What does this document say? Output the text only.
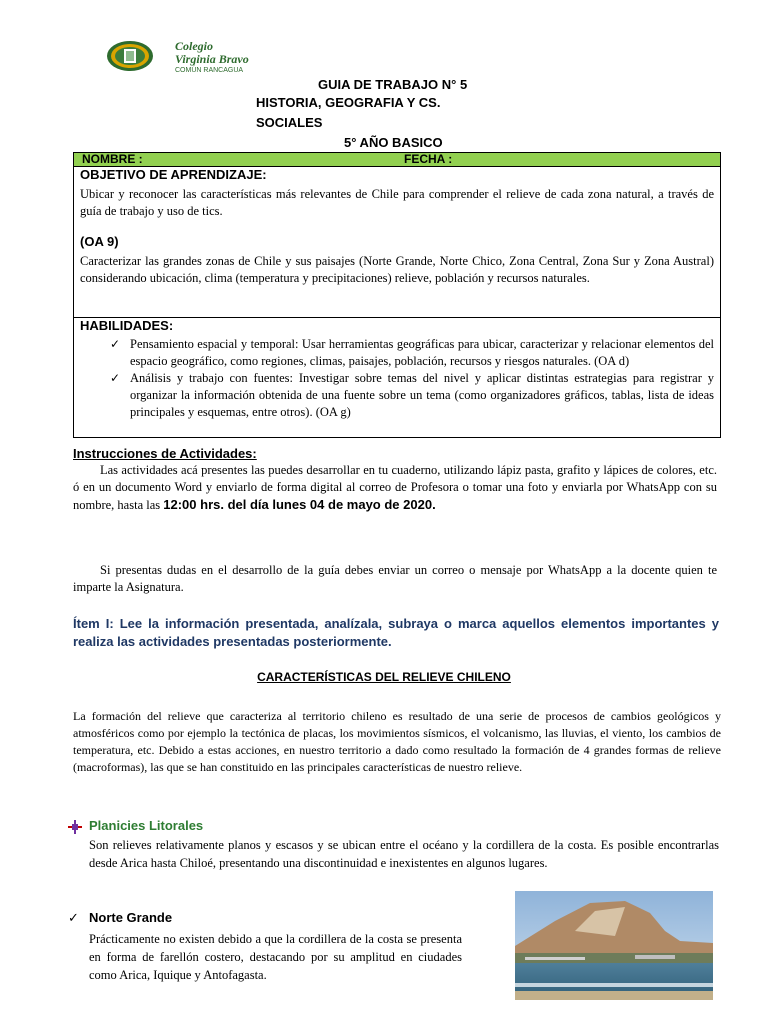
Colegio
Virginia Bravo
COMÚN RANCAGUA
GUIA DE TRABAJO N° 5
HISTORIA, GEOGRAFIA Y CS.
SOCIALES
5° AÑO BASICO
NOMBRE :	FECHA :

OBJETIVO DE APRENDIZAJE:
Ubicar y reconocer las características más relevantes de Chile para comprender el relieve de cada zona natural, a través de guía de trabajo y uso de tics.
(OA 9)
Caracterizar las grandes zonas de Chile y sus paisajes (Norte Grande, Norte Chico, Zona Central, Zona Sur y Zona Austral) considerando ubicación, clima (temperatura y precipitaciones) relieve, población y recursos naturales.

HABILIDADES:
✓ Pensamiento espacial y temporal: Usar herramientas geográficas para ubicar, caracterizar y relacionar elementos del espacio geográfico, como regiones, climas, paisajes, población, recursos y riesgos naturales. (OA d)
✓ Análisis y trabajo con fuentes: Investigar sobre temas del nivel y aplicar distintas estrategias para registrar y organizar la información obtenida de una fuente sobre un tema (como organizadores gráficos, tablas, lista de ideas principales y esquemas, entre otros). (OA g)
Instrucciones de Actividades:
Las actividades acá presentes las puedes desarrollar en tu cuaderno, utilizando lápiz pasta, grafito y lápices de colores, etc. ó en un documento Word y enviarlo de forma digital al correo de Profesora o tomar una foto y enviarla por WhatsApp con su nombre, hasta las 12:00 hrs. del día lunes 04 de mayo de 2020.
Si presentas dudas en el desarrollo de la guía debes enviar un correo o mensaje por WhatsApp a la docente quien te imparte la Asignatura.
Ítem I: Lee la información presentada, analízala, subraya o marca aquellos elementos importantes y realiza las actividades presentadas posteriormente.
CARACTERÍSTICAS DEL RELIEVE CHILENO
La formación del relieve que caracteriza al territorio chileno es resultado de una serie de procesos de cambios geológicos y atmosféricos como por ejemplo la tectónica de placas, los movimientos sísmicos, el volcanismo, las lluvias, el viento, los cambios de temperatura, etc. Debido a estas acciones, en nuestro territorio a dado como resultado la formación de 4 grandes formas de relieve (macroformas), las que se han constituido en las principales características de nuestro relieve.
Planicies Litorales
Son relieves relativamente planos y escasos y se ubican entre el océano y la cordillera de la costa. Es posible encontrarlas desde Arica hasta Chiloé, presentando una discontinuidad e inexistentes en algunos lugares.
✓ Norte Grande
Prácticamente no existen debido a que la cordillera de la costa se presenta en forma de farellón costero, destacando por su amplitud en ciudades como Arica, Iquique y Antofagasta.
